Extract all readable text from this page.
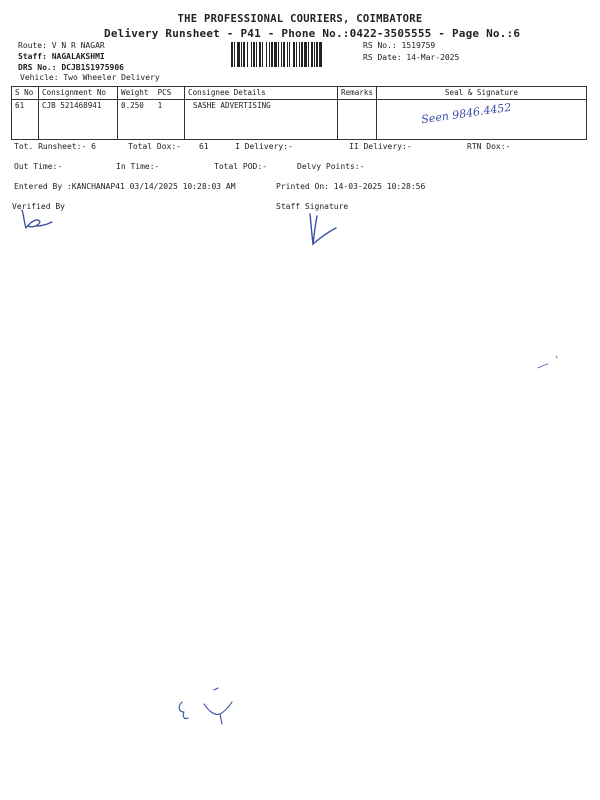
THE PROFESSIONAL COURIERS, COIMBATORE
Delivery Runsheet - P41 - Phone No.:0422-3505555 - Page No.:6
Route: V N R NAGAR
Staff: NAGALAKSHMI
DRS No.: DCJB1S1975906
Vehicle: Two Wheeler Delivery
RS No.: 1519759
RS Date: 14-Mar-2025
S No	Consignment No	Weight PCS	Consignee Details	Remarks	Seal & Signature
61	CJB 521468941	0.250 1	SASHE ADVERTISING		Seen 9846.4452
Tot. Runsheet:- 6	Total Dox:- 61	I Delivery:-	II Delivery:-	RTN Dox:-
Out Time:-	In Time:-	Total POD:-	Delvy Points:-
Entered By :KANCHANAP41 03/14/2025 10:28:03 AM	Printed On: 14-03-2025 10:28:56
Verified By	Staff Signature
